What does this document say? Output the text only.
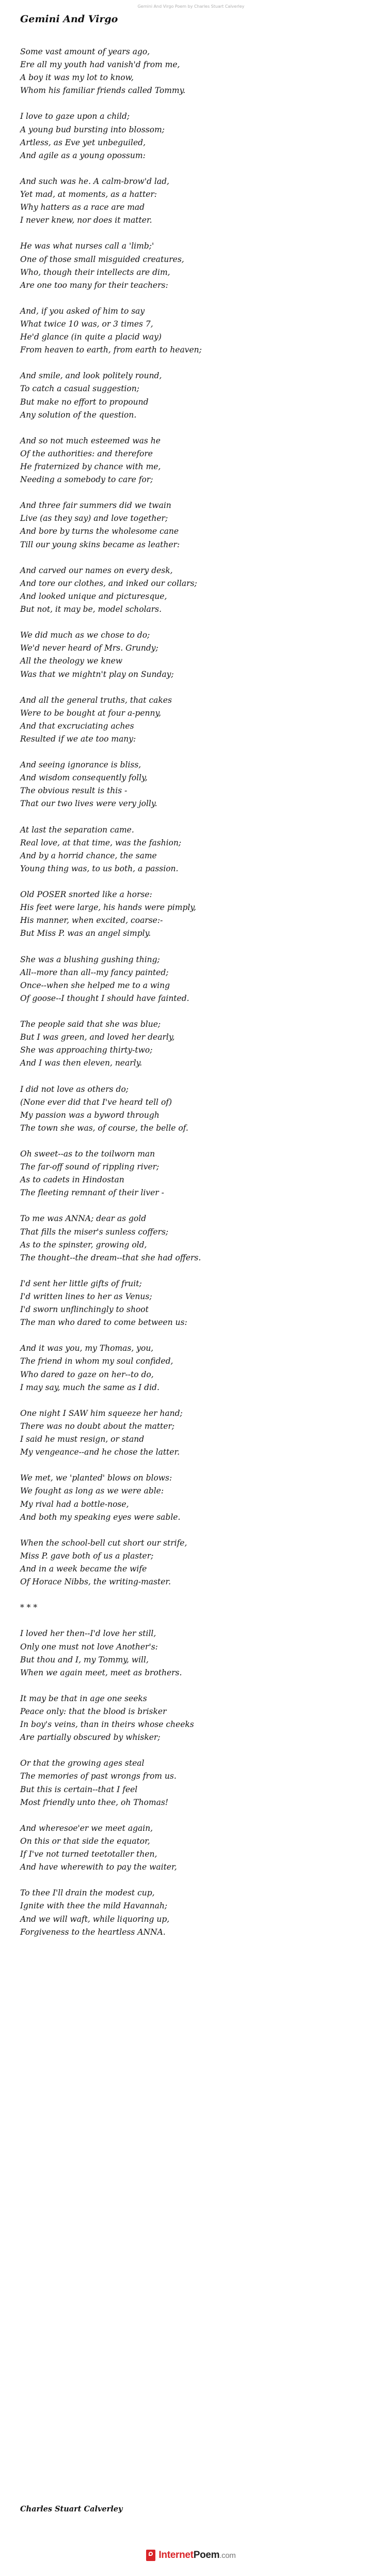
Gemini And Virgo Poem by Charles Stuart Calverley
Gemini And Virgo
Some vast amount of years ago,
Ere all my youth had vanish'd from me,
A boy it was my lot to know,
Whom his familiar friends called Tommy.
I love to gaze upon a child;
A young bud bursting into blossom;
Artless, as Eve yet unbeguiled,
And agile as a young opossum:
And such was he. A calm-brow'd lad,
Yet mad, at moments, as a hatter:
Why hatters as a race are mad
I never knew, nor does it matter.
He was what nurses call a 'limb;'
One of those small misguided creatures,
Who, though their intellects are dim,
Are one too many for their teachers:
And, if you asked of him to say
What twice 10 was, or 3 times 7,
He'd glance (in quite a placid way)
From heaven to earth, from earth to heaven;
And smile, and look politely round,
To catch a casual suggestion;
But make no effort to propound
Any solution of the question.
And so not much esteemed was he
Of the authorities: and therefore
He fraternized by chance with me,
Needing a somebody to care for;
And three fair summers did we twain
Live (as they say) and love together;
And bore by turns the wholesome cane
Till our young skins became as leather:
And carved our names on every desk,
And tore our clothes, and inked our collars;
And looked unique and picturesque,
But not, it may be, model scholars.
We did much as we chose to do;
We'd never heard of Mrs. Grundy;
All the theology we knew
Was that we mightn't play on Sunday;
And all the general truths, that cakes
Were to be bought at four a-penny,
And that excruciating aches
Resulted if we ate too many:
And seeing ignorance is bliss,
And wisdom consequently folly,
The obvious result is this -
That our two lives were very jolly.
At last the separation came.
Real love, at that time, was the fashion;
And by a horrid chance, the same
Young thing was, to us both, a passion.
Old POSER snorted like a horse:
His feet were large, his hands were pimply,
His manner, when excited, coarse:-
But Miss P. was an angel simply.
She was a blushing gushing thing;
All--more than all--my fancy painted;
Once--when she helped me to a wing
Of goose--I thought I should have fainted.
The people said that she was blue;
But I was green, and loved her dearly,
She was approaching thirty-two;
And I was then eleven, nearly.
I did not love as others do;
(None ever did that I've heard tell of)
My passion was a byword through
The town she was, of course, the belle of.
Oh sweet--as to the toilworn man
The far-off sound of rippling river;
As to cadets in Hindostan
The fleeting remnant of their liver -
To me was ANNA; dear as gold
That fills the miser's sunless coffers;
As to the spinster, growing old,
The thought--the dream--that she had offers.
I'd sent her little gifts of fruit;
I'd written lines to her as Venus;
I'd sworn unflinchingly to shoot
The man who dared to come between us:
And it was you, my Thomas, you,
The friend in whom my soul confided,
Who dared to gaze on her--to do,
I may say, much the same as I did.
One night I SAW him squeeze her hand;
There was no doubt about the matter;
I said he must resign, or stand
My vengeance--and he chose the latter.
We met, we 'planted' blows on blows:
We fought as long as we were able:
My rival had a bottle-nose,
And both my speaking eyes were sable.
When the school-bell cut short our strife,
Miss P. gave both of us a plaster;
And in a week became the wife
Of Horace Nibbs, the writing-master.
* * *
I loved her then--I'd love her still,
Only one must not love Another's:
But thou and I, my Tommy, will,
When we again meet, meet as brothers.
It may be that in age one seeks
Peace only: that the blood is brisker
In boy's veins, than in theirs whose cheeks
Are partially obscured by whisker;
Or that the growing ages steal
The memories of past wrongs from us.
But this is certain--that I feel
Most friendly unto thee, oh Thomas!
And wheresoe'er we meet again,
On this or that side the equator,
If I've not turned teetotaller then,
And have wherewith to pay the waiter,
To thee I'll drain the modest cup,
Ignite with thee the mild Havannah;
And we will waft, while liquoring up,
Forgiveness to the heartless ANNA.
Charles Stuart Calverley
InternetPoem.com
